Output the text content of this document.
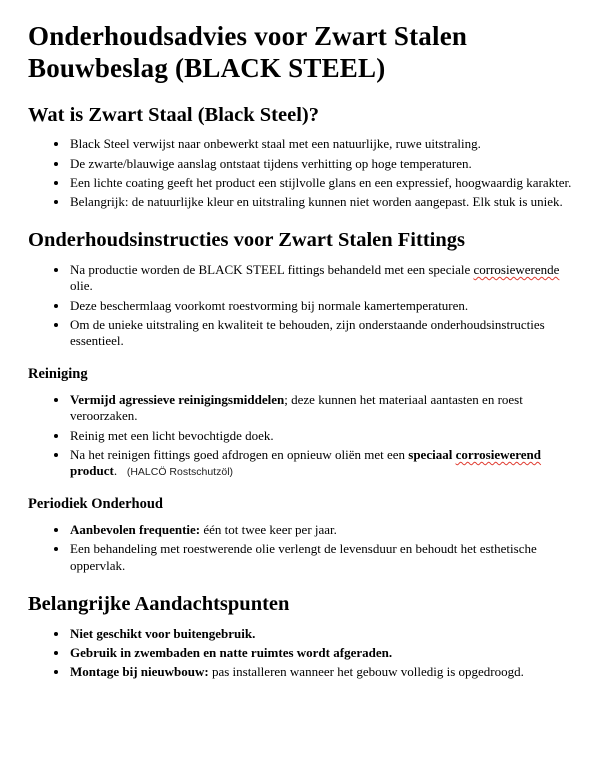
Onderhoudsadvies voor Zwart Stalen Bouwbeslag (BLACK STEEL)
Wat is Zwart Staal (Black Steel)?
• Black Steel verwijst naar onbewerkt staal met een natuurlijke, ruwe uitstraling.
• De zwarte/blauwige aanslag ontstaat tijdens verhitting op hoge temperaturen.
• Een lichte coating geeft het product een stijlvolle glans en een expressief, hoogwaardig karakter.
• Belangrijk: de natuurlijke kleur en uitstraling kunnen niet worden aangepast. Elk stuk is uniek.
Onderhoudsinstructies voor Zwart Stalen Fittings
• Na productie worden de BLACK STEEL fittings behandeld met een speciale corrosiewerende olie.
• Deze beschermlaag voorkomt roestvorming bij normale kamertemperaturen.
• Om de unieke uitstraling en kwaliteit te behouden, zijn onderstaande onderhoudsinstructies essentieel.
Reiniging
• Vermijd agressieve reinigingsmiddelen; deze kunnen het materiaal aantasten en roest veroorzaken.
• Reinig met een licht bevochtigde doek.
• Na het reinigen fittings goed afdrogen en opnieuw oliën met een speciaal corrosiewerend product.   (HALCÖ Rostschutzöl)
Periodiek Onderhoud
• Aanbevolen frequentie: één tot twee keer per jaar.
• Een behandeling met roestwerende olie verlengt de levensduur en behoudt het esthetische oppervlak.
Belangrijke Aandachtspunten
• Niet geschikt voor buitengebruik.
• Gebruik in zwembaden en natte ruimtes wordt afgeraden.
• Montage bij nieuwbouw: pas installeren wanneer het gebouw volledig is opgedroogd.
